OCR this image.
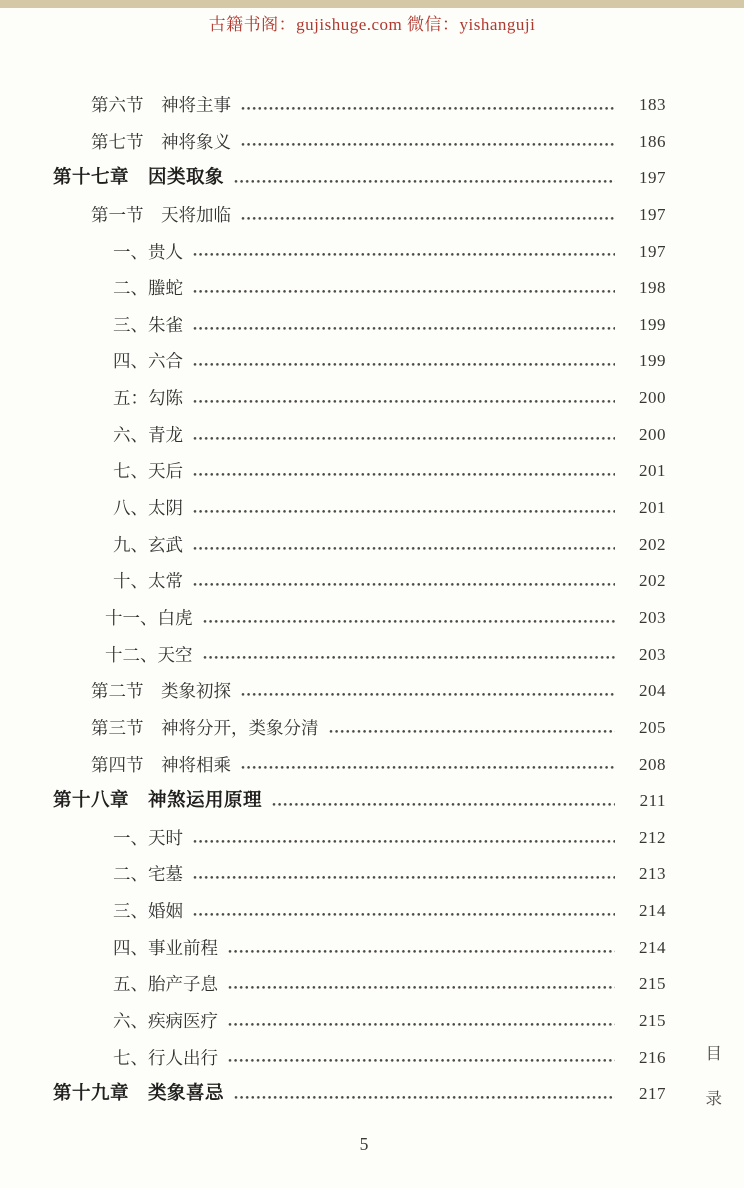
古籍书阁：gujishuge.com 微信：yishanguji
第六节　神将主事	183
第七节　神将象义	186
第十七章　因类取象	197
第一节　天将加临	197
一、贵人	197
二、螣蛇	198
三、朱雀	199
四、六合	199
五：勾陈	200
六、青龙	200
七、天后	201
八、太阴	201
九、玄武	202
十、太常	202
十一、白虎	203
十二、天空	203
第二节　类象初探	204
第三节　神将分开，类象分清	205
第四节　神将相乘	208
第十八章　神煞运用原理	211
一、天时	212
二、宅墓	213
三、婚姻	214
四、事业前程	214
五、胎产子息	215
六、疾病医疗	215
七、行人出行	216
第十九章　类象喜忌	217
目
录
5
